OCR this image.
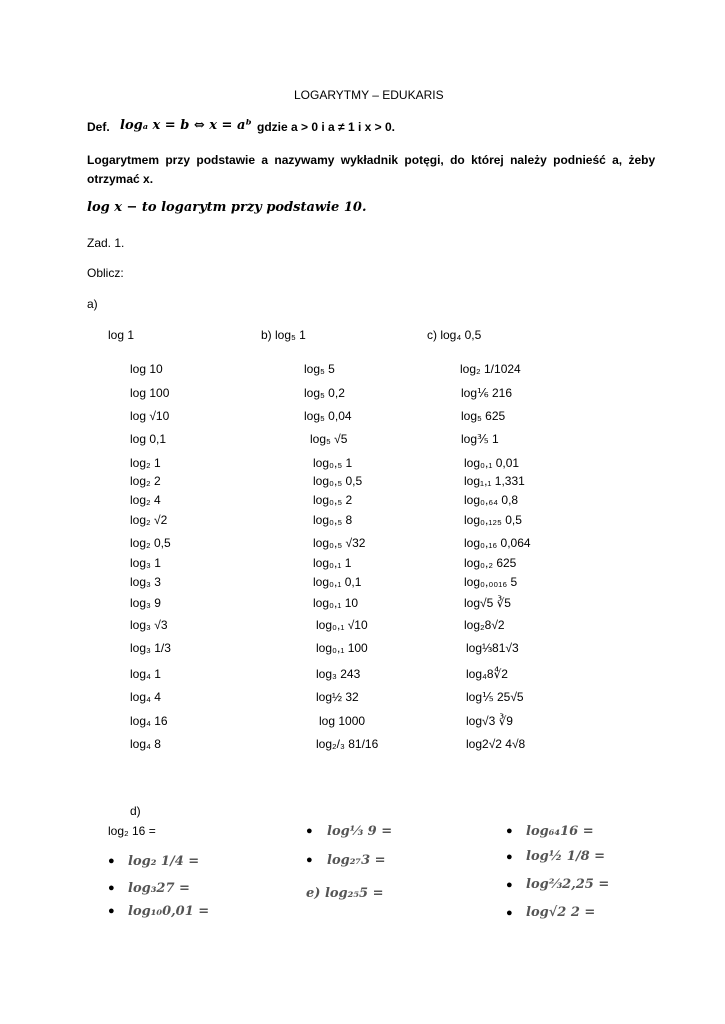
LOGARYTMY – EDUKARIS
Def. logₐ x = b ⇔ x = aᵇ gdzie a > 0 i a ≠ 1 i x > 0.
Logarytmem przy podstawie a nazywamy wykładnik potęgi, do której należy podnieść a, żeby
otrzymać x.
log x − to logarytm przy podstawie 10.
Zad. 1.
Oblicz:
a)
log 1	b) log₅ 1	c) log₄ 0,5
log 10
log 100
log √10
log 0,1
log₂ 1
log₂ 2
log₂ 4
log₂ √2
log₂ 0,5
log₃ 1
log₃ 3
log₃ 9
log₃ √3
log₃ 1/3
log₄ 1
log₄ 4
log₄ 16
log₄ 8
log₅ 5
log₅ 0,2
log₅ 0,04
log₅ √5
log₀,₅ 1
log₀,₅ 0,5
log₀,₅ 2
log₀,₅ 8
log₀,₅ √32
log₀,₁ 1
log₀,₁ 0,1
log₀,₁ 10
log₀,₁ √10
log₀,₁ 100
log₃ 243
log½ 32
log 1000
log₂/₃ 81/16
log₂ 1/1024
log⅙ 216
log₅ 625
log⅗ 1
log₀,₁ 0,01
log₁,₁ 1,331
log₀,₆₄ 0,8
log₀,₁₂₅ 0,5
log₀,₁₆ 0,064
log₀,₂ 625
log₀,₀₀₁₆ 5
log√5 ∛5
log₂8√2
log⅓81√3
log₄8∜2
log⅕ 25√5
log√3 ∛9
log2√2 4√8
d)
log₂ 16 =
● log₂ 1/4 =
● log₃27 =
● log₁₀0,01 =
● log⅓ 9 =
● log₂₇3 =
e) log₂₅5 =
● log₆₄16 =
● log½ 1/8 =
● log⅔2,25 =
● log√2 2 =
